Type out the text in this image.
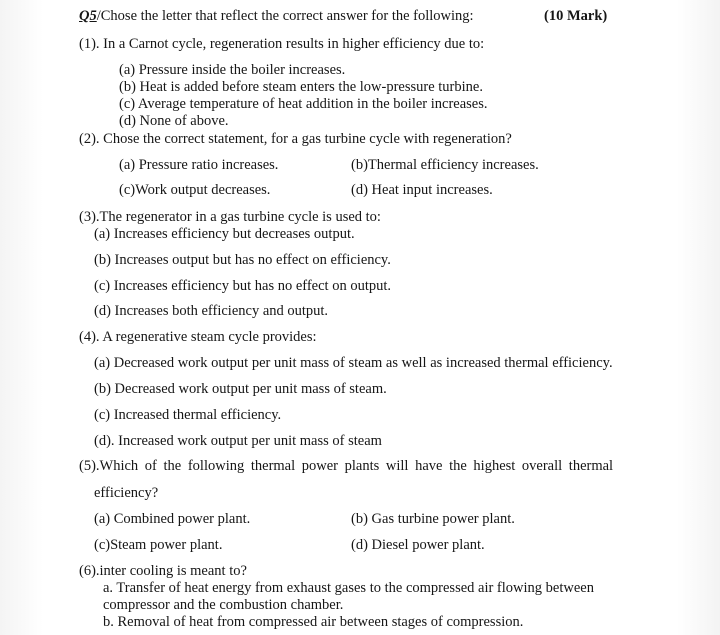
Q5/Chose the letter that reflect the correct answer for the following:	(10 Mark)
(1). In a Carnot cycle, regeneration results in higher efficiency due to:
(a) Pressure inside the boiler increases.
(b) Heat is added before steam enters the low-pressure turbine.
(c) Average temperature of heat addition in the boiler increases.
(d) None of above.
(2). Chose the correct statement, for a gas turbine cycle with regeneration?
(a) Pressure ratio increases.	(b)Thermal efficiency increases.
(c)Work output decreases.	(d) Heat input increases.
(3).The regenerator in a gas turbine cycle is used to:
(a) Increases efficiency but decreases output.
(b) Increases output but has no effect on efficiency.
(c) Increases efficiency but has no effect on output.
(d) Increases both efficiency and output.
(4). A regenerative steam cycle provides:
(a) Decreased work output per unit mass of steam as well as increased thermal efficiency.
(b) Decreased work output per unit mass of steam.
(c) Increased thermal efficiency.
(d). Increased work output per unit mass of steam
(5).Which of the following thermal power plants will have the highest overall thermal
efficiency?
(a) Combined power plant.	(b) Gas turbine power plant.
(c)Steam power plant.	(d) Diesel power plant.
(6).inter cooling is meant to?
a. Transfer of heat energy from exhaust gases to the compressed air flowing between
compressor and the combustion chamber.
b. Removal of heat from compressed air between stages of compression.
